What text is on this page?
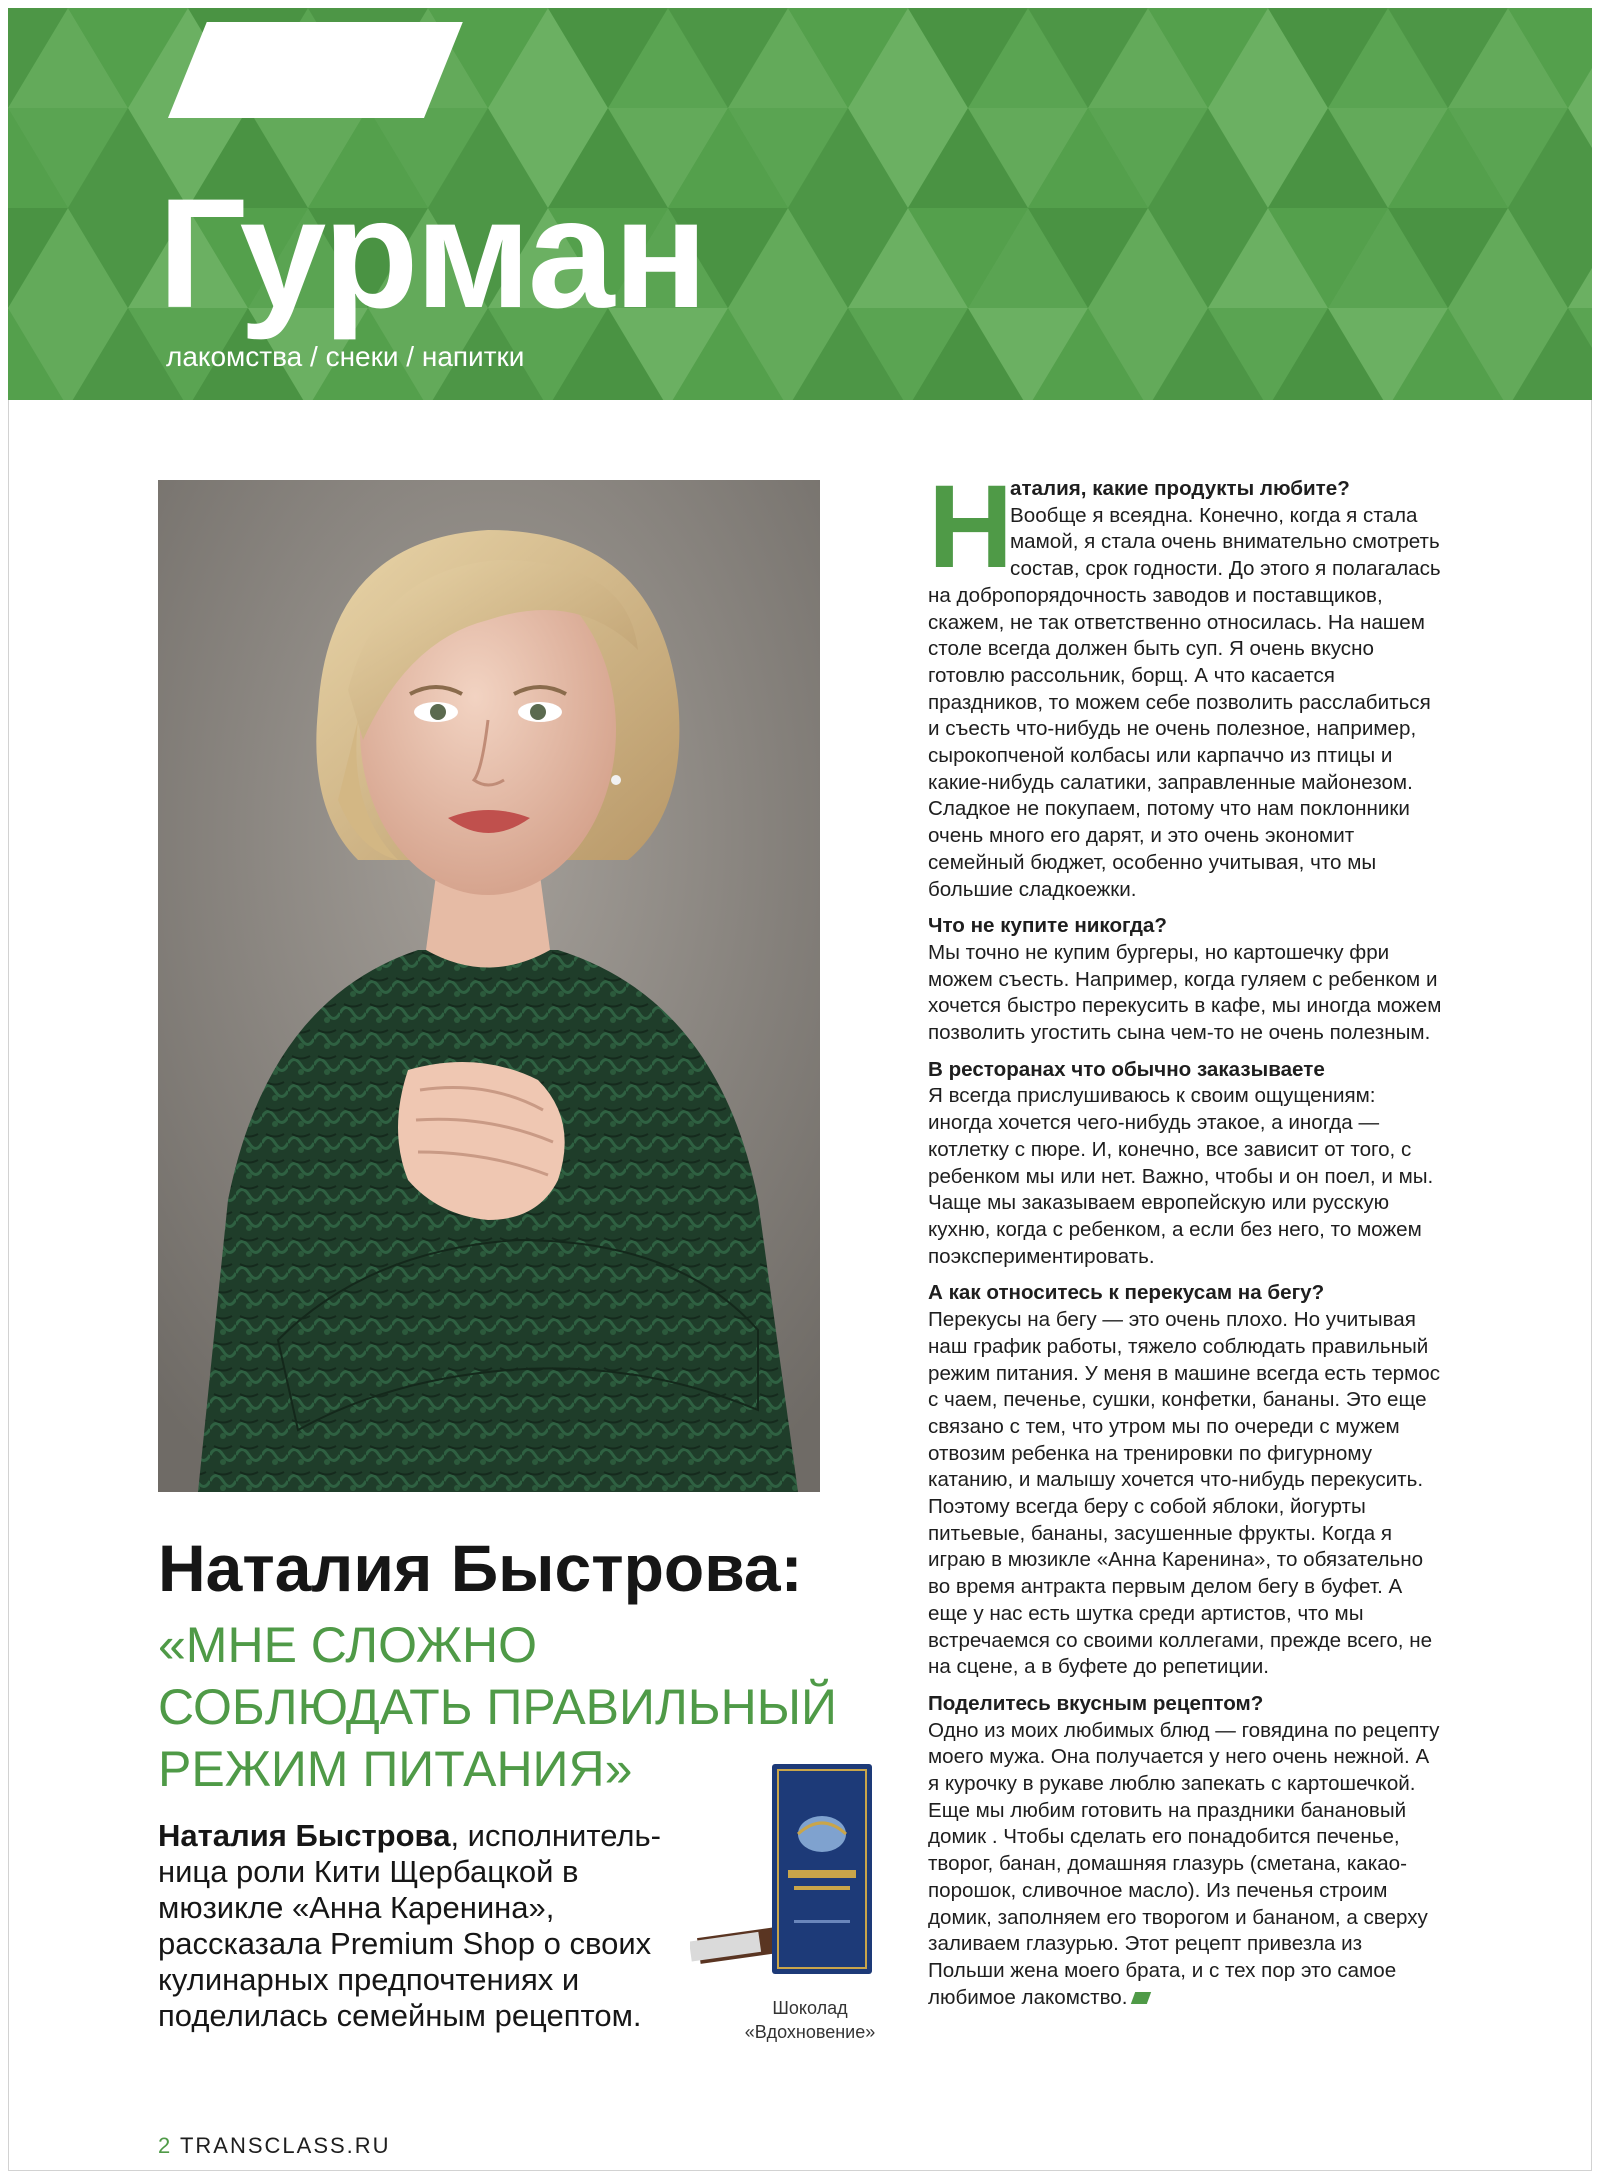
Гурман
лакомства / снеки / напитки
Наталия Быстрова:
«МНЕ СЛОЖНО СОБЛЮДАТЬ ПРАВИЛЬНЫЙ РЕЖИМ ПИТАНИЯ»
Наталия Быстрова, исполнитель-ница роли Кити Щербацкой в мюзикле «Анна Каренина», рассказала Premium Shop о своих кулинарных предпочтениях и поделилась семейным рецептом.	Шоколад
«Вдохновение»

Н
аталия, какие продукты любите?
Вообще я всеядна. Конечно, когда я стала мамой, я стала очень внимательно смотреть состав, срок годности. До этого я полагалась на добропорядочность заводов и поставщиков, скажем, не так ответственно относилась. На нашем столе всегда должен быть суп. Я очень вкусно готовлю рассольник, борщ. А что касается праздников, то можем себе позволить расслабиться и съесть что-нибудь не очень полезное, например, сырокопченой колбасы или карпаччо из птицы и какие-нибудь салатики, заправленные майонезом. Сладкое не покупаем, потому что нам поклонники очень много его дарят, и это очень экономит семейный бюджет, особенно учитывая, что мы большие сладкоежки.

Что не купите никогда?
Мы точно не купим бургеры, но картошечку фри можем съесть. Например, когда гуляем с ребенком и хочется быстро перекусить в кафе, мы иногда можем позволить угостить сына чем-то не очень полезным.

В ресторанах что обычно заказываете
Я всегда прислушиваюсь к своим ощущениям: иногда хочется чего-нибудь этакое, а иногда — котлетку с пюре. И, конечно, все зависит от того, с ребенком мы или нет. Важно, чтобы и он поел, и мы. Чаще мы заказываем европейскую или русскую кухню, когда с ребенком, а если без него, то можем поэкспериментировать.

А как относитесь к перекусам на бегу?
Перекусы на бегу — это очень плохо. Но учитывая наш график работы, тяжело соблюдать правильный режим питания. У меня в машине всегда есть термос с чаем, печенье, сушки, конфетки, бананы. Это еще связано с тем, что утром мы по очереди с мужем отвозим ребенка на тренировки по фигурному катанию, и малышу хочется что-нибудь перекусить. Поэтому всегда беру с собой яблоки, йогурты питьевые, бананы, засушенные фрукты. Когда я играю в мюзикле «Анна Каренина», то обязательно во время антракта первым делом бегу в буфет. А еще у нас есть шутка среди артистов, что мы встречаемся со своими коллегами, прежде всего, не на сцене, а в буфете до репетиции.

Поделитесь вкусным рецептом?
Одно из моих любимых блюд — говядина по рецепту моего мужа. Она получается у него очень нежной. А я курочку в рукаве люблю запекать с картошечкой. Еще мы любим готовить на праздники банановый домик . Чтобы сделать его понадобится печенье, творог, банан, домашняя глазурь (сметана, какао-порошок, сливочное масло). Из печенья строим домик, заполняем его творогом и бананом, а сверху заливаем глазурью. Этот рецепт привезла из Польши жена моего брата, и с тех пор это самое любимое лакомство.

2 TRANSCLASS.RU
